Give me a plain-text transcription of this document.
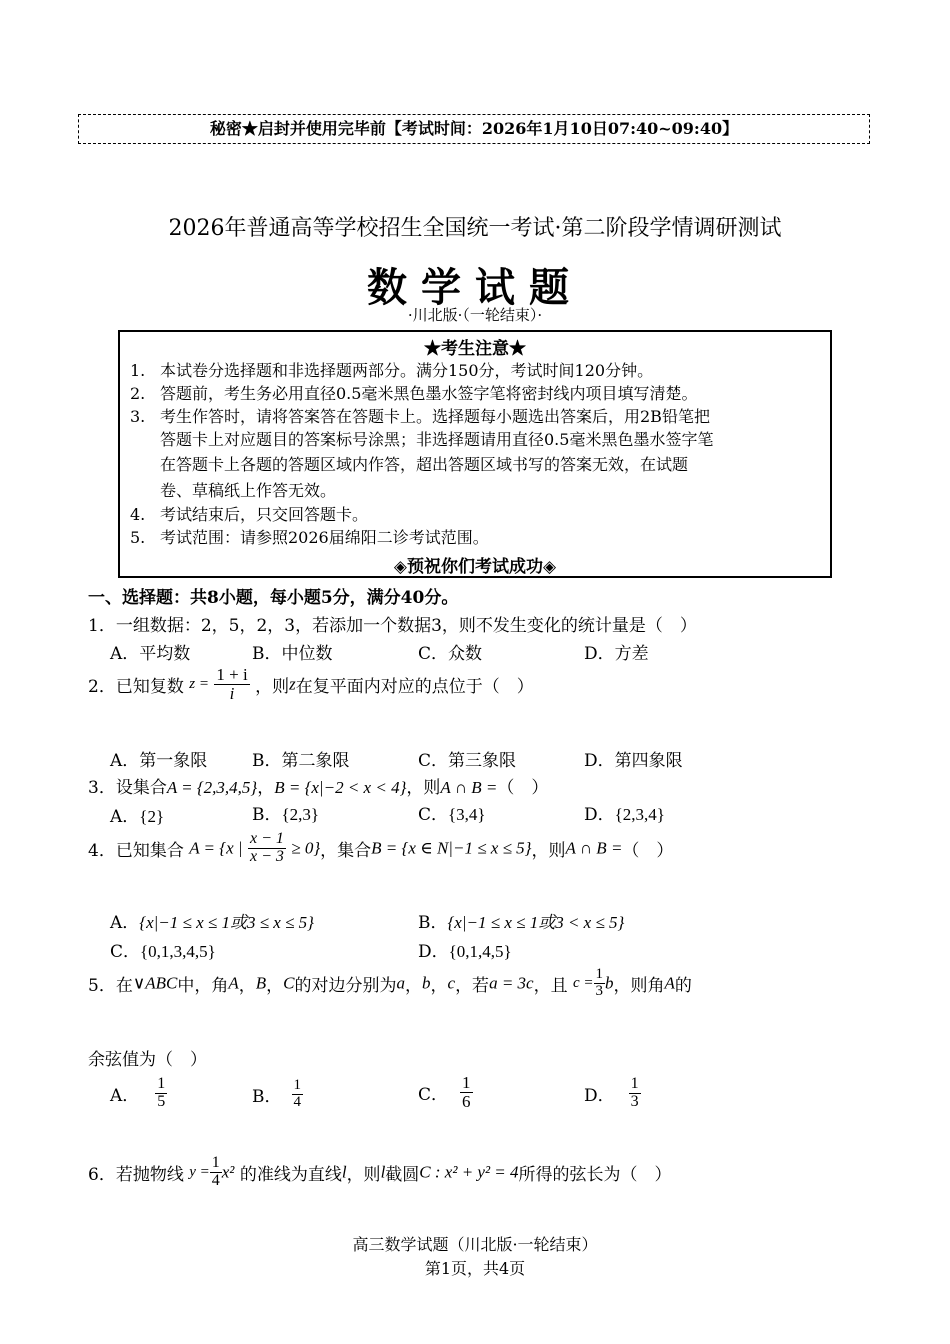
秘密★启封并使用完毕前【考试时间：2026年1月10日07:40~09:40】
2026年普通高等学校招生全国统一考试·第二阶段学情调研测试
数学试题
·川北版·（一轮结束）·
★考生注意★
1. 本试卷分选择题和非选择题两部分。满分150分，考试时间120分钟。
2. 答题前，考生务必用直径0.5毫米黑色墨水签字笔将密封线内项目填写清楚。
3. 考生作答时，请将答案答在答题卡上。选择题每小题选出答案后，用2B铅笔把
答题卡上对应题目的答案标号涂黑；非选择题请用直径0.5毫米黑色墨水签字笔
在答题卡上各题的答题区域内作答，超出答题区域书写的答案无效，在试题
卷、草稿纸上作答无效。
4. 考试结束后，只交回答题卡。
5. 考试范围：请参照2026届绵阳二诊考试范围。
◈预祝你们考试成功◈
一、选择题：共8小题，每小题5分，满分40分。
1．一组数据：2，5，2，3，若添加一个数据3，则不发生变化的统计量是（　）
A．平均数	B．中位数	C．众数	D．方差
2．已知复数 $z = \frac{1 + i}{i}$ ，则z在复平面内对应的点位于（　）
A．第一象限	B．第二象限	C．第三象限	D．第四象限
3．设集合A = {2,3,4,5}，B = {x|−2 < x < 4}，则A ∩ B =（　）
A．{2}	B．{2,3}	C．{3,4}	D．{2,3,4}
4．已知集合 A = {x | $\frac{x - 1}{x - 3} \ge 0$}，集合B = {x ∈ N|−1 ≤ x ≤ 5}，则A ∩ B =（　）
A．{x|−1 ≤ x ≤ 1或3 ≤ x ≤ 5}	B．{x|−1 ≤ x ≤ 1或3 < x ≤ 5}
C．{0,1,3,4,5}	D．{0,1,4,5}
5．在∨ABC中，角A，B，C的对边分别为a，b，c，若a = 3c，且 $c = \frac{1}{3}$ b，则角A的
余弦值为（　）
A． $\frac{1}{5}$	B． $\frac{1}{4}$	C． $\frac{1}{6}$	D． $\frac{1}{3}$
6．若抛物线 $y = \frac{1}{4} x^2$ 的准线为直线l，则l截圆C : x² + y² = 4所得的弦长为（　）
高三数学试题（川北版·一轮结束）
第1页，共4页
